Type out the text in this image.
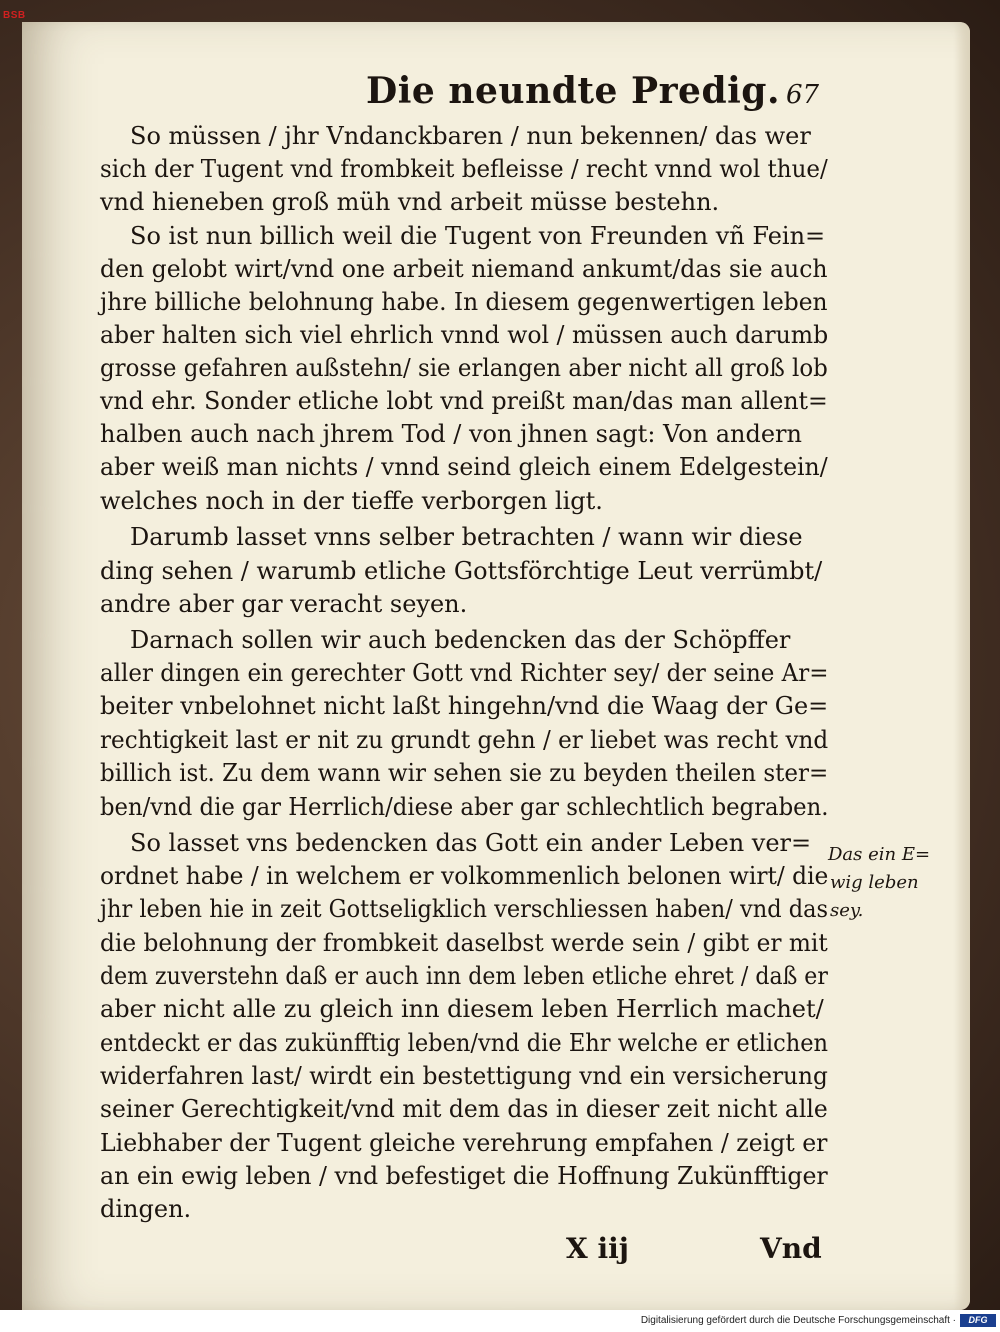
BSB
Die neundte Predig. 67
So müssen / jhr Vndanckbaren / nun bekennen/ das wer
sich der Tugent vnd frombkeit befleisse / recht vnnd wol thue/
vnd hieneben groß müh vnd arbeit müsse bestehn.
So ist nun billich weil die Tugent von Freunden vñ Fein=
den gelobt wirt/vnd one arbeit niemand ankumt/das sie auch
jhre billiche belohnung habe. In diesem gegenwertigen leben
aber halten sich viel ehrlich vnnd wol / müssen auch darumb
grosse gefahren außstehn/ sie erlangen aber nicht all groß lob
vnd ehr. Sonder etliche lobt vnd preißt man/das man allent=
halben auch nach jhrem Tod / von jhnen sagt: Von andern
aber weiß man nichts / vnnd seind gleich einem Edelgestein/
welches noch in der tieffe verborgen ligt.
Darumb lasset vnns selber betrachten / wann wir diese
ding sehen / warumb etliche Gottsförchtige Leut verrümbt/
andre aber gar veracht seyen.
Darnach sollen wir auch bedencken das der Schöpffer
aller dingen ein gerechter Gott vnd Richter sey/ der seine Ar=
beiter vnbelohnet nicht laßt hingehn/vnd die Waag der Ge=
rechtigkeit last er nit zu grundt gehn / er liebet was recht vnd
billich ist. Zu dem wann wir sehen sie zu beyden theilen ster=
ben/vnd die gar Herrlich/diese aber gar schlechtlich begraben.
So lasset vns bedencken das Gott ein ander Leben ver=
ordnet habe / in welchem er volkommenlich belonen wirt/ die
jhr leben hie in zeit Gottseligklich verschliessen haben/ vnd das
die belohnung der frombkeit daselbst werde sein / gibt er mit
dem zuverstehn daß er auch inn dem leben etliche ehret / daß er
aber nicht alle zu gleich inn diesem leben Herrlich machet/
entdeckt er das zukünfftig leben/vnd die Ehr welche er etlichen
widerfahren last/ wirdt ein bestettigung vnd ein versicherung
seiner Gerechtigkeit/vnd mit dem das in dieser zeit nicht alle
Liebhaber der Tugent gleiche verehrung empfahen / zeigt er
an ein ewig leben / vnd befestiget die Hoffnung Zukünfftiger
dingen.
Das ein E=
wig leben
sey.
X iij	Vnd
Digitalisierung gefördert durch die Deutsche Forschungsgemeinschaft ·	DFG
